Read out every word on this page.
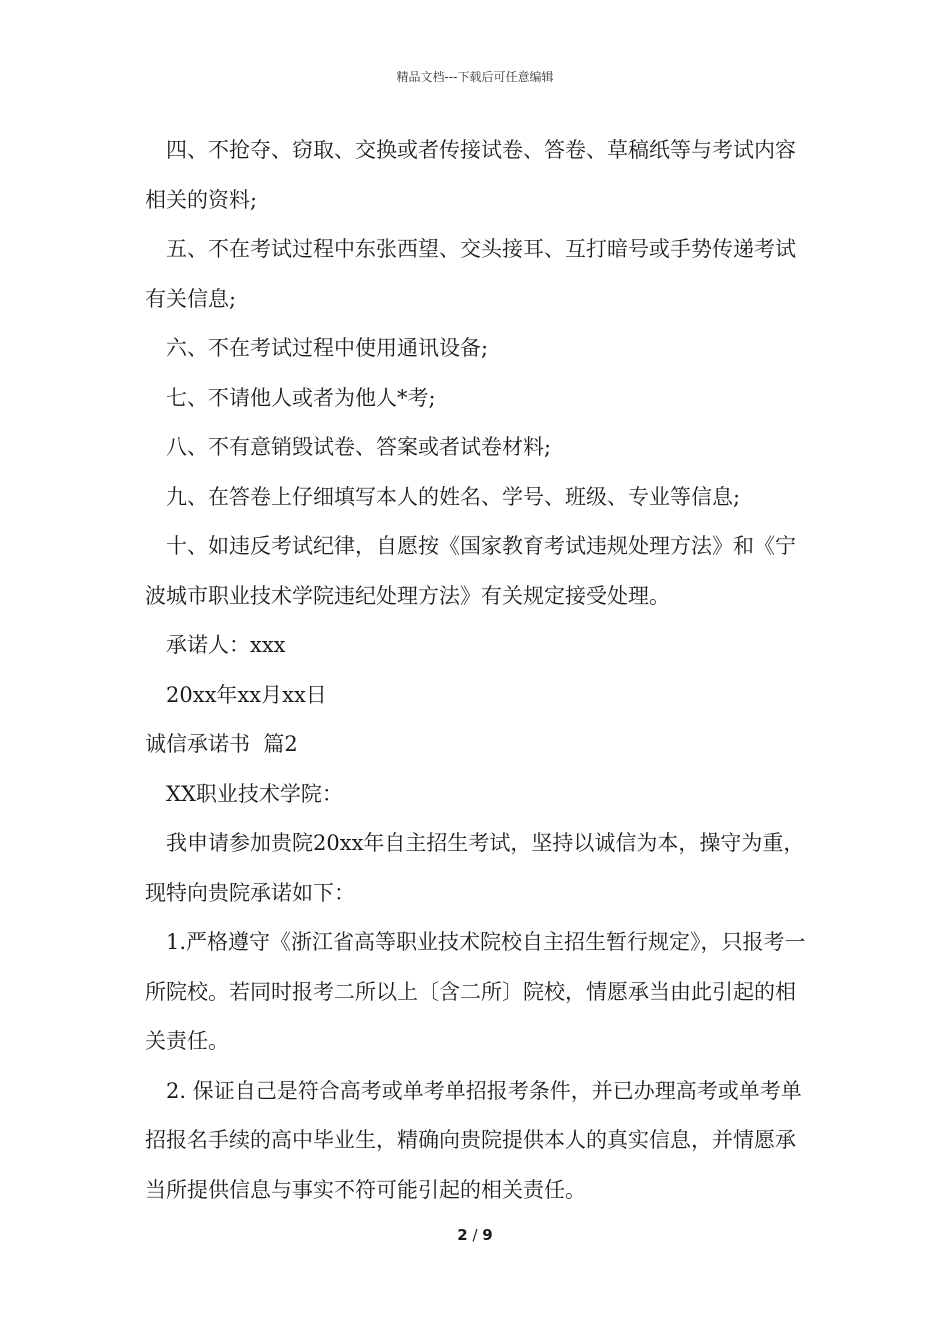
精品文档---下载后可任意编辑

四、不抢夺、窃取、交换或者传接试卷、答卷、草稿纸等与考试内容相关的资料;

五、不在考试过程中东张西望、交头接耳、互打暗号或手势传递考试有关信息;

六、不在考试过程中使用通讯设备;

七、不请他人或者为他人*考;

八、不有意销毁试卷、答案或者试卷材料;

九、在答卷上仔细填写本人的姓名、学号、班级、专业等信息;

十、如违反考试纪律，自愿按《国家教育考试违规处理方法》和《宁波城市职业技术学院违纪处理方法》有关规定接受处理。

承诺人：xxx

20xx年xx月xx日

诚信承诺书  篇2

XX职业技术学院：

我申请参加贵院20xx年自主招生考试，坚持以诚信为本，操守为重，现特向贵院承诺如下：

1.严格遵守《浙江省高等职业技术院校自主招生暂行规定》，只报考一所院校。若同时报考二所以上〔含二所〕院校，情愿承当由此引起的相关责任。

2. 保证自己是符合高考或单考单招报考条件，并已办理高考或单考单招报名手续的高中毕业生，精确向贵院提供本人的真实信息，并情愿承当所提供信息与事实不符可能引起的相关责任。

2 / 9
